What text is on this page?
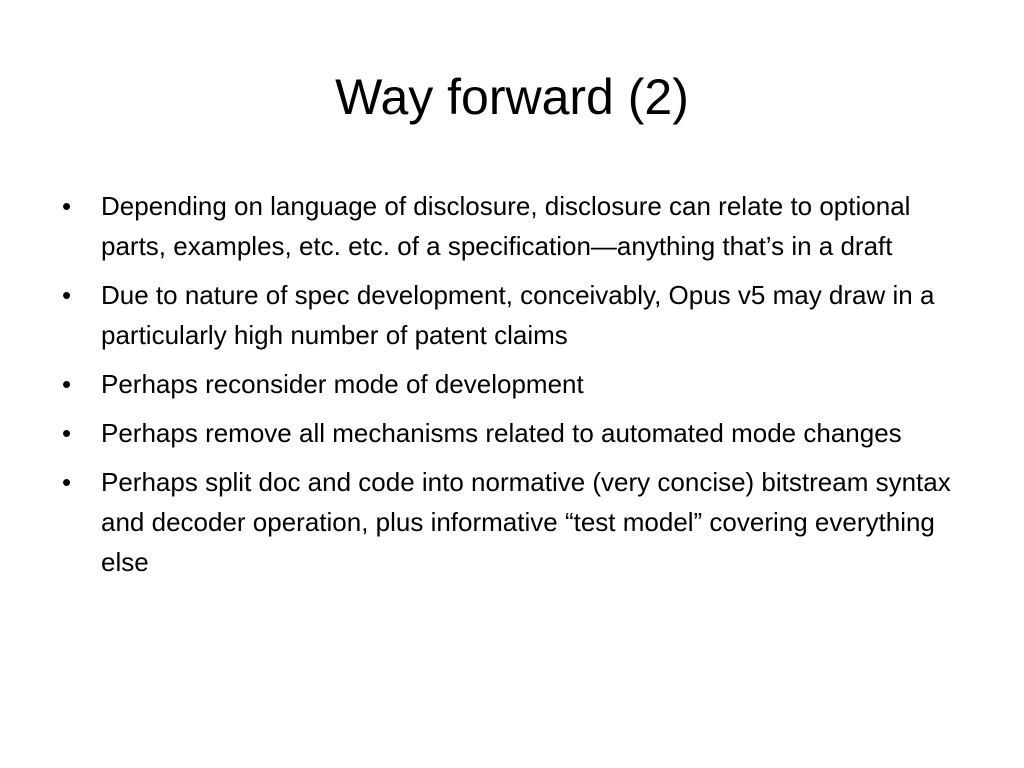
Way forward (2)
•	Depending on language of disclosure, disclosure can relate to optional parts, examples, etc. etc. of a specification—anything that’s in a draft
•	Due to nature of spec development, conceivably, Opus v5 may draw in a particularly high number of patent claims
•	Perhaps reconsider mode of development
•	Perhaps remove all mechanisms related to automated mode changes
•	Perhaps split doc and code into normative (very concise) bitstream syntax and decoder operation, plus informative “test model” covering everything else
